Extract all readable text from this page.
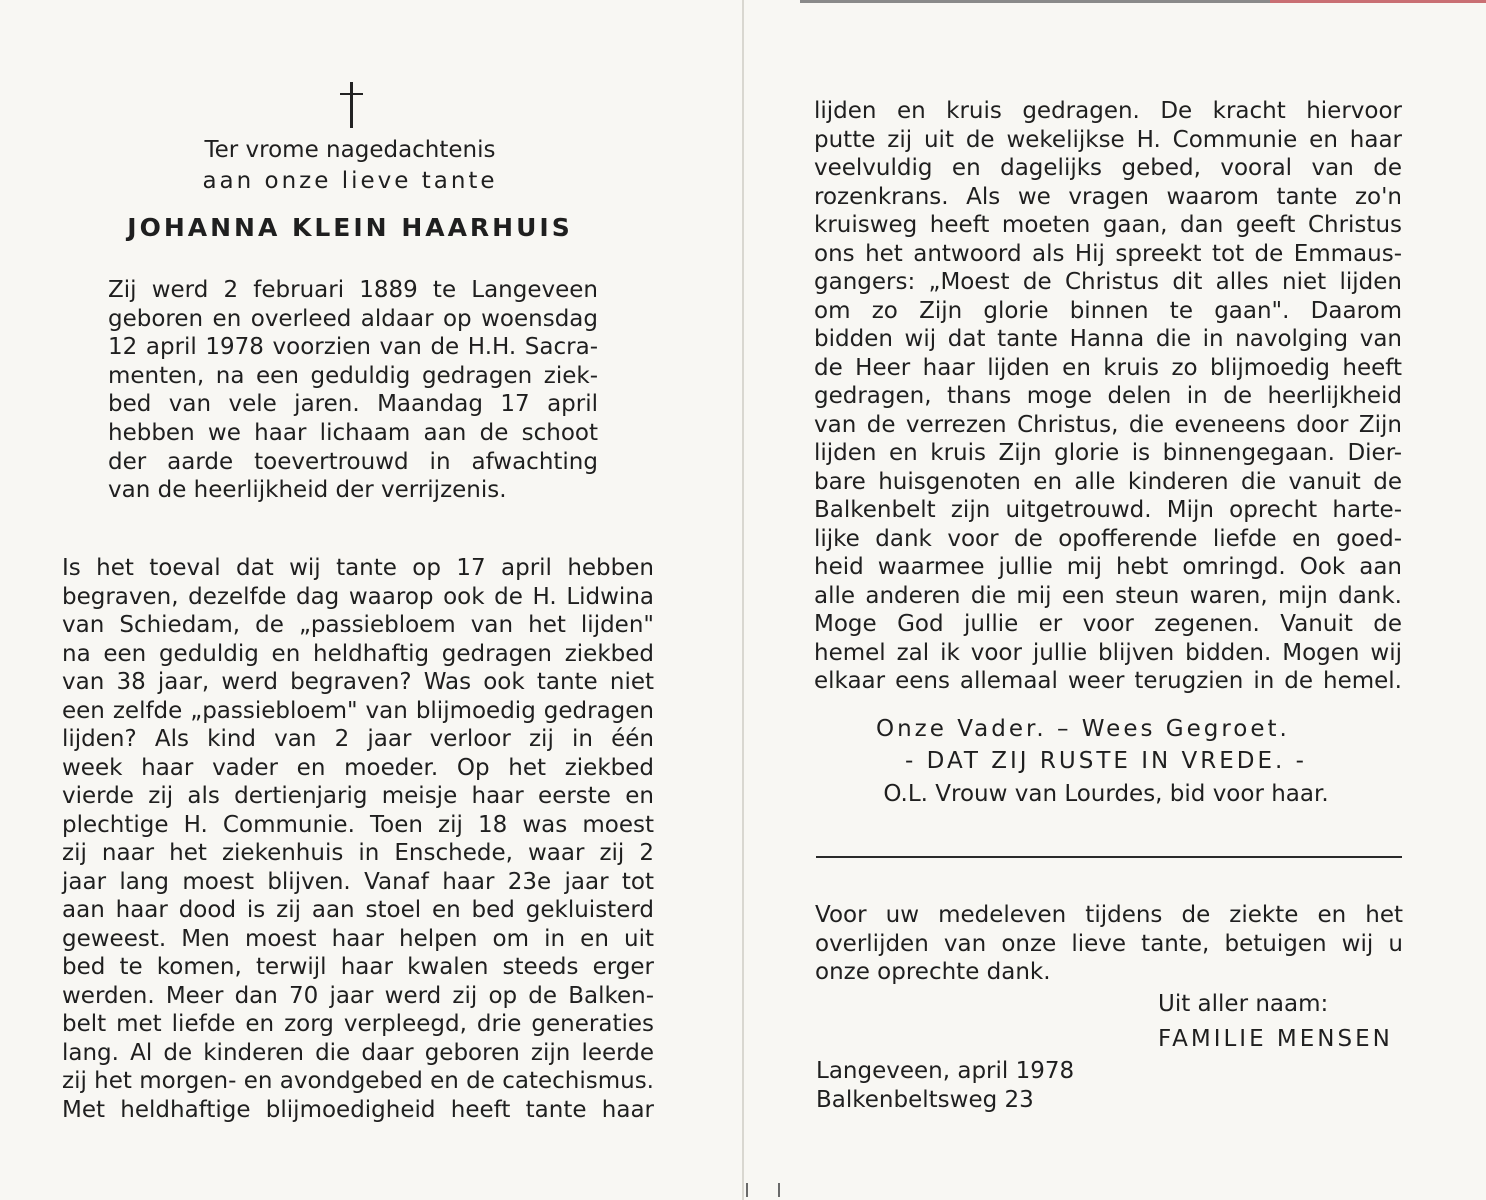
Ter vrome nagedachtenis
aan onze lieve tante
JOHANNA KLEIN HAARHUIS
Zij werd 2 februari 1889 te Langeveen
geboren en overleed aldaar op woensdag
12 april 1978 voorzien van de H.H. Sacra-
menten, na een geduldig gedragen ziek-
bed van vele jaren. Maandag 17 april
hebben we haar lichaam aan de schoot
der aarde toevertrouwd in afwachting
van de heerlijkheid der verrijzenis.
Is het toeval dat wij tante op 17 april hebben
begraven, dezelfde dag waarop ook de H. Lidwina
van Schiedam, de „passiebloem van het lijden"
na een geduldig en heldhaftig gedragen ziekbed
van 38 jaar, werd begraven? Was ook tante niet
een zelfde „passiebloem" van blijmoedig gedragen
lijden? Als kind van 2 jaar verloor zij in één
week haar vader en moeder. Op het ziekbed
vierde zij als dertienjarig meisje haar eerste en
plechtige H. Communie. Toen zij 18 was moest
zij naar het ziekenhuis in Enschede, waar zij 2
jaar lang moest blijven. Vanaf haar 23e jaar tot
aan haar dood is zij aan stoel en bed gekluisterd
geweest. Men moest haar helpen om in en uit
bed te komen, terwijl haar kwalen steeds erger
werden. Meer dan 70 jaar werd zij op de Balken-
belt met liefde en zorg verpleegd, drie generaties
lang. Al de kinderen die daar geboren zijn leerde
zij het morgen- en avondgebed en de catechismus.
Met heldhaftige blijmoedigheid heeft tante haar
lijden en kruis gedragen. De kracht hiervoor
putte zij uit de wekelijkse H. Communie en haar
veelvuldig en dagelijks gebed, vooral van de
rozenkrans. Als we vragen waarom tante zo'n
kruisweg heeft moeten gaan, dan geeft Christus
ons het antwoord als Hij spreekt tot de Emmaus-
gangers: „Moest de Christus dit alles niet lijden
om zo Zijn glorie binnen te gaan". Daarom
bidden wij dat tante Hanna die in navolging van
de Heer haar lijden en kruis zo blijmoedig heeft
gedragen, thans moge delen in de heerlijkheid
van de verrezen Christus, die eveneens door Zijn
lijden en kruis Zijn glorie is binnengegaan. Dier-
bare huisgenoten en alle kinderen die vanuit de
Balkenbelt zijn uitgetrouwd. Mijn oprecht harte-
lijke dank voor de opofferende liefde en goed-
heid waarmee jullie mij hebt omringd. Ook aan
alle anderen die mij een steun waren, mijn dank.
Moge God jullie er voor zegenen. Vanuit de
hemel zal ik voor jullie blijven bidden. Mogen wij
elkaar eens allemaal weer terugzien in de hemel.
Onze Vader. – Wees Gegroet.
- DAT ZIJ RUSTE IN VREDE. -
O.L. Vrouw van Lourdes, bid voor haar.
Voor uw medeleven tijdens de ziekte en het
overlijden van onze lieve tante, betuigen wij u
onze oprechte dank.
Uit aller naam:
FAMILIE MENSEN
Langeveen, april 1978
Balkenbeltsweg 23
